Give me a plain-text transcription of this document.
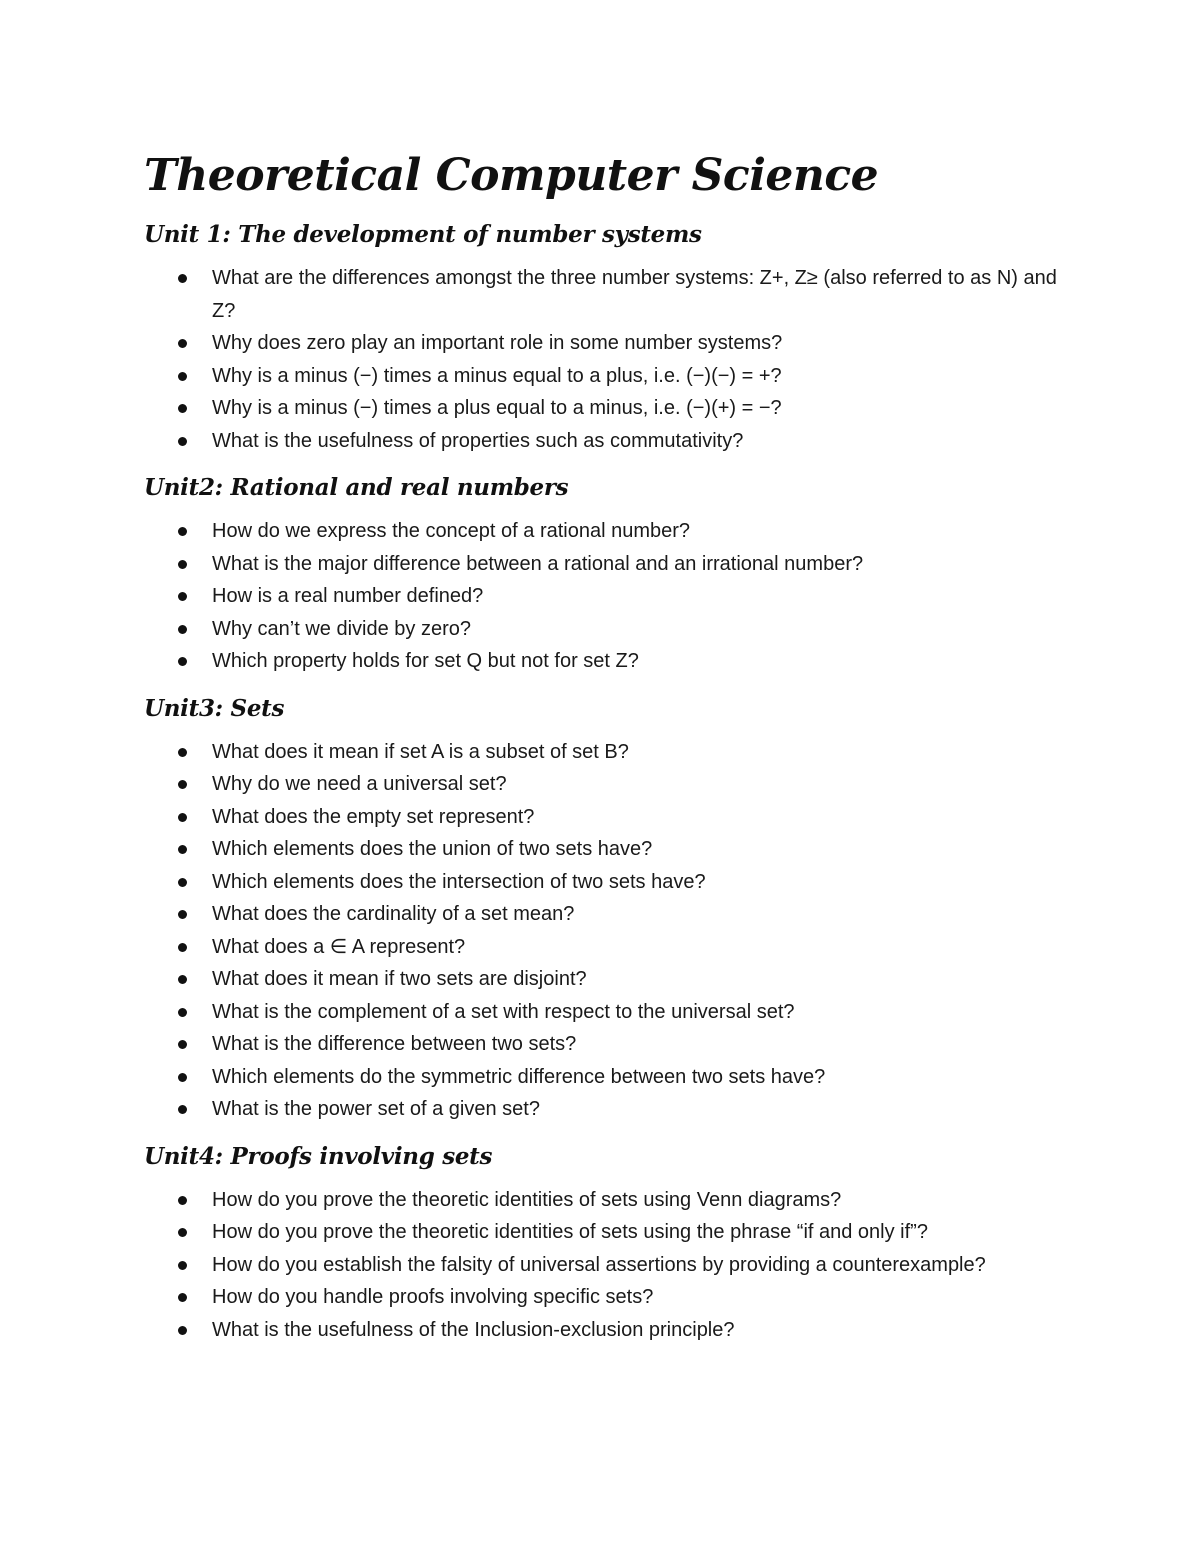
Theoretical Computer Science
Unit 1: The development of number systems
What are the differences amongst the three number systems: Z+, Z≥ (also referred to as N) and Z?
Why does zero play an important role in some number systems?
Why is a minus (−) times a minus equal to a plus, i.e. (−)(−) = +?
Why is a minus (−) times a plus equal to a minus, i.e. (−)(+) = −?
What is the usefulness of properties such as commutativity?
Unit2: Rational and real numbers
How do we express the concept of a rational number?
What is the major difference between a rational and an irrational number?
How is a real number defined?
Why can’t we divide by zero?
Which property holds for set Q but not for set Z?
Unit3: Sets
What does it mean if set A is a subset of set B?
Why do we need a universal set?
What does the empty set represent?
Which elements does the union of two sets have?
Which elements does the intersection of two sets have?
What does the cardinality of a set mean?
What does a ∈ A represent?
What does it mean if two sets are disjoint?
What is the complement of a set with respect to the universal set?
What is the difference between two sets?
Which elements do the symmetric difference between two sets have?
What is the power set of a given set?
Unit4: Proofs involving sets
How do you prove the theoretic identities of sets using Venn diagrams?
How do you prove the theoretic identities of sets using the phrase “if and only if”?
How do you establish the falsity of universal assertions by providing a counterexample?
How do you handle proofs involving specific sets?
What is the usefulness of the Inclusion-exclusion principle?
